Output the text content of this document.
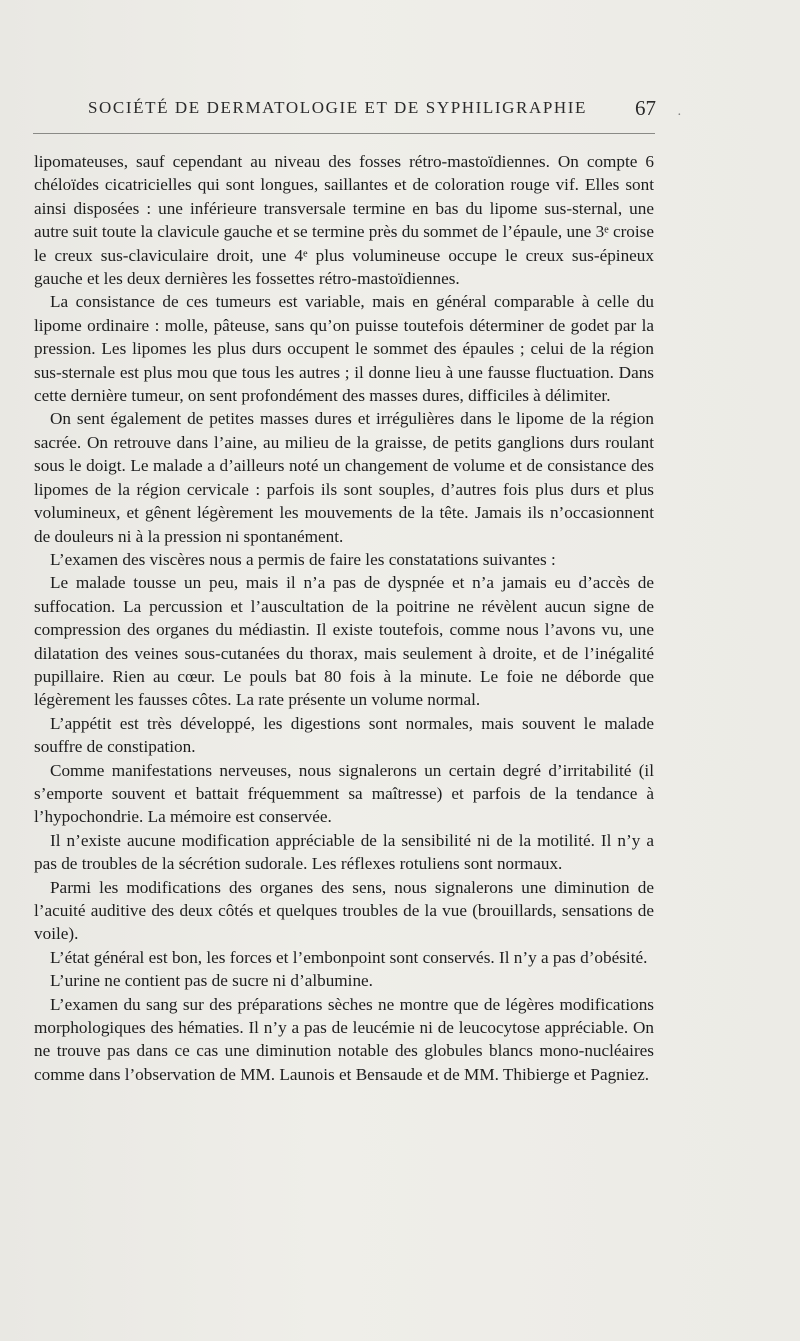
SOCIÉTÉ DE DERMATOLOGIE ET DE SYPHILIGRAPHIE 67 ·

lipomateuses, sauf cependant au niveau des fosses rétro-mastoïdiennes. On compte 6 chéloïdes cicatricielles qui sont longues, saillantes et de coloration rouge vif. Elles sont ainsi disposées : une inférieure transversale termine en bas du lipome sus-sternal, une autre suit toute la clavicule gauche et se termine près du sommet de l’épaule, une 3ᵉ croise le creux sus-claviculaire droit, une 4ᵉ plus volumineuse occupe le creux sus-épineux gauche et les deux dernières les fossettes rétro-mastoïdiennes.

La consistance de ces tumeurs est variable, mais en général comparable à celle du lipome ordinaire : molle, pâteuse, sans qu’on puisse toutefois déterminer de godet par la pression. Les lipomes les plus durs occupent le sommet des épaules ; celui de la région sus-sternale est plus mou que tous les autres ; il donne lieu à une fausse fluctuation. Dans cette dernière tumeur, on sent profondément des masses dures, difficiles à délimiter.

On sent également de petites masses dures et irrégulières dans le lipome de la région sacrée. On retrouve dans l’aine, au milieu de la graisse, de petits ganglions durs roulant sous le doigt. Le malade a d’ailleurs noté un changement de volume et de consistance des lipomes de la région cervicale : parfois ils sont souples, d’autres fois plus durs et plus volumineux, et gênent légèrement les mouvements de la tête. Jamais ils n’occasionnent de douleurs ni à la pression ni spontanément.

L’examen des viscères nous a permis de faire les constatations suivantes :

Le malade tousse un peu, mais il n’a pas de dyspnée et n’a jamais eu d’accès de suffocation. La percussion et l’auscultation de la poitrine ne révèlent aucun signe de compression des organes du médiastin. Il existe toutefois, comme nous l’avons vu, une dilatation des veines sous-cutanées du thorax, mais seulement à droite, et de l’inégalité pupillaire. Rien au cœur. Le pouls bat 80 fois à la minute. Le foie ne déborde que légèrement les fausses côtes. La rate présente un volume normal.

L’appétit est très développé, les digestions sont normales, mais souvent le malade souffre de constipation.

Comme manifestations nerveuses, nous signalerons un certain degré d’irritabilité (il s’emporte souvent et battait fréquemment sa maîtresse) et parfois de la tendance à l’hypochondrie. La mémoire est conservée.

Il n’existe aucune modification appréciable de la sensibilité ni de la motilité. Il n’y a pas de troubles de la sécrétion sudorale. Les réflexes rotuliens sont normaux.

Parmi les modifications des organes des sens, nous signalerons une diminution de l’acuité auditive des deux côtés et quelques troubles de la vue (brouillards, sensations de voile).

L’état général est bon, les forces et l’embonpoint sont conservés. Il n’y a pas d’obésité.

L’urine ne contient pas de sucre ni d’albumine.

L’examen du sang sur des préparations sèches ne montre que de légères modifications morphologiques des hématies. Il n’y a pas de leucémie ni de leucocytose appréciable. On ne trouve pas dans ce cas une diminution notable des globules blancs mono-nucléaires comme dans l’observation de MM. Launois et Bensaude et de MM. Thibierge et Pagniez.
